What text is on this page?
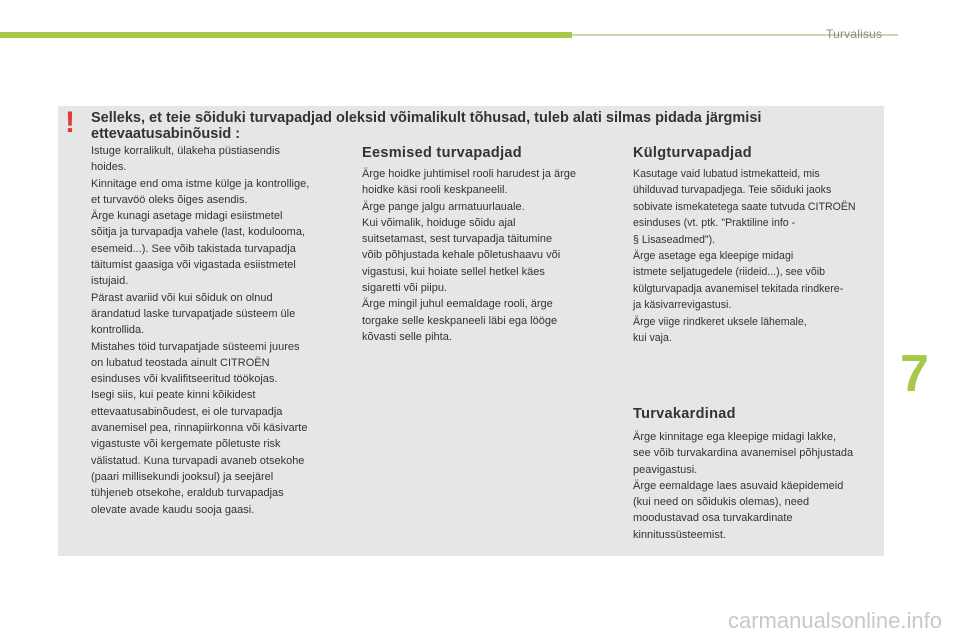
Turvalisus
7
! Selleks, et teie sõiduki turvapadjad oleksid võimalikult tõhusad, tuleb alati silmas pidada järgmisi ettevaatusabinõusid :
Istuge korralikult, ülakeha püstiasendis
hoides.
Kinnitage end oma istme külge ja kontrollige,
et turvavöö oleks õiges asendis.
Ärge kunagi asetage midagi esiistmetel
sõitja ja turvapadja vahele (last, koduloomа,
esemeid...). See võib takistada turvapadja
täitumist gaasiga või vigastada esiistmetel
istujaid.
Pärast avariid või kui sõiduk on olnud
ärandatud laske turvapatjade süsteem üle
kontrollida.
Mistahes töid turvapatjade süsteemi juures
on lubatud teostada ainult CITROËN
esinduses või kvalifitseeritud töökojas.
Isegi siis, kui peate kinni kõikidest
ettevaatusabinõudest, ei ole turvapadja
avanemisel pea, rinnapiirkonna või käsivarte
vigastuste või kergemate põletuste risk
välistatud. Kuna turvapadi avaneb otsekohe
(paari millisekundi jooksul) ja seejärel
tühjeneb otsekohe, eraldub turvapadjas
olevate avade kaudu sooja gaasi.
Eesmised turvapadjad
Ärge hoidke juhtimisel rooli harudest ja ärge
hoidke käsi rooli keskpaneelil.
Ärge pange jalgu armatuurlauale.
Kui võimalik, hoiduge sõidu ajal
suitsetamast, sest turvapadja täitumine
võib põhjustada kehale põletushaavu või
vigastusi, kui hoiate sellel hetkel käes
sigaretti või piipu.
Ärge mingil juhul eemaldage rooli, ärge
torgake selle keskpaneeli läbi ega lööge
kõvasti selle pihta.
Külgturvapadjad
Kasutage vaid lubatud istmekatteid, mis
ühilduvad turvapadjega. Teie sõiduki jaoks
sobivate ismekatetega saate tutvuda CITROËN
esinduses (vt. ptk. "Praktiline info -
§ Lisaseadmed").
Ärge asetage ega kleepige midagi
istmete seljatugedele (riideid...), see võib
külgturvapadja avanemisel tekitada rindkere-
ja käsivarrevigastusi.
Ärge viige rindkeret uksele lähemale,
kui vaja.
Turvakardinad
Ärge kinnitage ega kleepige midagi lakke,
see võib turvakardina avanemisel põhjustada
peavigastusi.
Ärge eemaldage laes asuvaid käepidemeid
(kui need on sõidukis olemas), need
moodustavad osa turvakardinate
kinnitussüsteemist.
carmanualsonline.info
